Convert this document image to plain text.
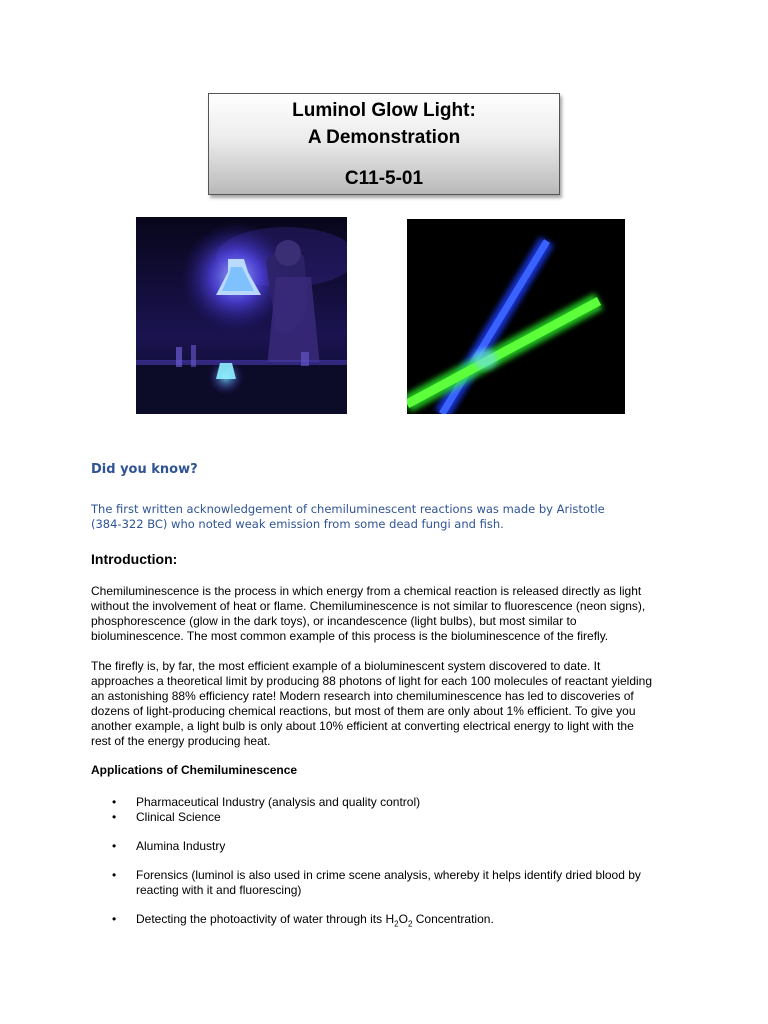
Luminol Glow Light:
A Demonstration
C11-5-01
Did you know?
The first written acknowledgement of chemiluminescent reactions was made by Aristotle
(384-322 BC) who noted weak emission from some dead fungi and fish.
Introduction:
Chemiluminescence is the process in which energy from a chemical reaction is released directly as light
without the involvement of heat or flame. Chemiluminescence is not similar to fluorescence (neon signs),
phosphorescence (glow in the dark toys), or incandescence (light bulbs), but most similar to
bioluminescence. The most common example of this process is the bioluminescence of the firefly.
The firefly is, by far, the most efficient example of a bioluminescent system discovered to date. It
approaches a theoretical limit by producing 88 photons of light for each 100 molecules of reactant yielding
an astonishing 88% efficiency rate! Modern research into chemiluminescence has led to discoveries of
dozens of light-producing chemical reactions, but most of them are only about 1% efficient. To give you
another example, a light bulb is only about 10% efficient at converting electrical energy to light with the
rest of the energy producing heat.
Applications of Chemiluminescence
• Pharmaceutical Industry (analysis and quality control)
• Clinical Science
• Alumina Industry
• Forensics (luminol is also used in crime scene analysis, whereby it helps identify dried blood by
reacting with it and fluorescing)
• Detecting the photoactivity of water through its $H_2O_2$ Concentration.
